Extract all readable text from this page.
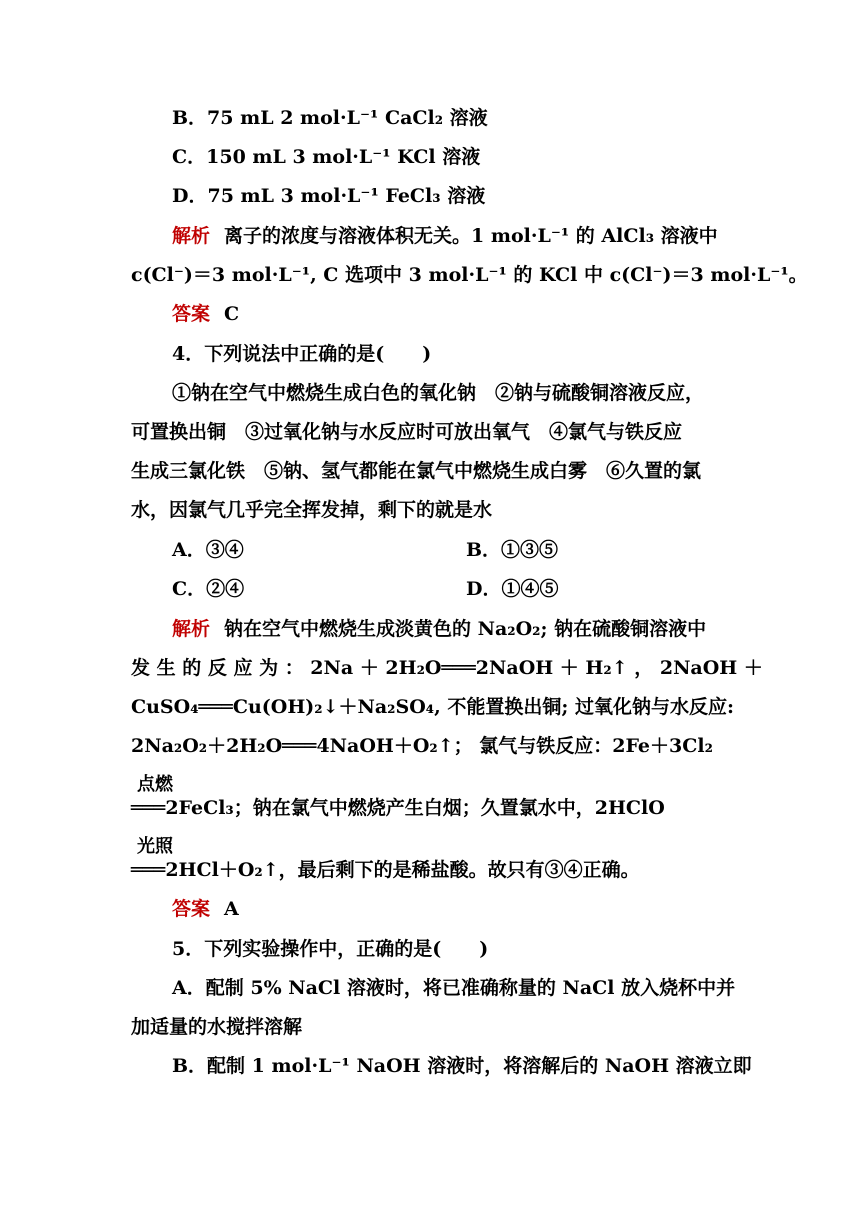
B．75 mL 2 mol·L⁻¹ CaCl₂ 溶液
C．150 mL 3 mol·L⁻¹ KCl 溶液
D．75 mL 3 mol·L⁻¹ FeCl₃ 溶液
解析 离子的浓度与溶液体积无关。1 mol·L⁻¹ 的 AlCl₃ 溶液中
c(Cl⁻)＝3 mol·L⁻¹, C 选项中 3 mol·L⁻¹ 的 KCl 中 c(Cl⁻)＝3 mol·L⁻¹。
答案 C
4．下列说法中正确的是(　　)
①钠在空气中燃烧生成白色的氧化钠　②钠与硫酸铜溶液反应，
可置换出铜　③过氧化钠与水反应时可放出氧气　④氯气与铁反应
生成三氯化铁　⑤钠、氢气都能在氯气中燃烧生成白雾　⑥久置的氯
水，因氯气几乎完全挥发掉，剩下的就是水
A．③④	B．①③⑤
C．②④	D．①④⑤
解析 钠在空气中燃烧生成淡黄色的 Na₂O₂; 钠在硫酸铜溶液中
发 生 的 反 应 为 ： 2Na ＋ 2H₂O═══2NaOH ＋ H₂↑ ， 2NaOH ＋
CuSO₄═══Cu(OH)₂↓＋Na₂SO₄, 不能置换出铜; 过氧化钠与水反应:
2Na₂O₂＋2H₂O═══4NaOH＋O₂↑； 氯气与铁反应：2Fe＋3Cl₂
点燃
═══2FeCl₃；钠在氯气中燃烧产生白烟；久置氯水中，2HClO
光照
═══2HCl＋O₂↑，最后剩下的是稀盐酸。故只有③④正确。
答案 A
5．下列实验操作中，正确的是(　　)
A．配制 5% NaCl 溶液时，将已准确称量的 NaCl 放入烧杯中并
加适量的水搅拌溶解
B．配制 1 mol·L⁻¹ NaOH 溶液时，将溶解后的 NaOH 溶液立即
